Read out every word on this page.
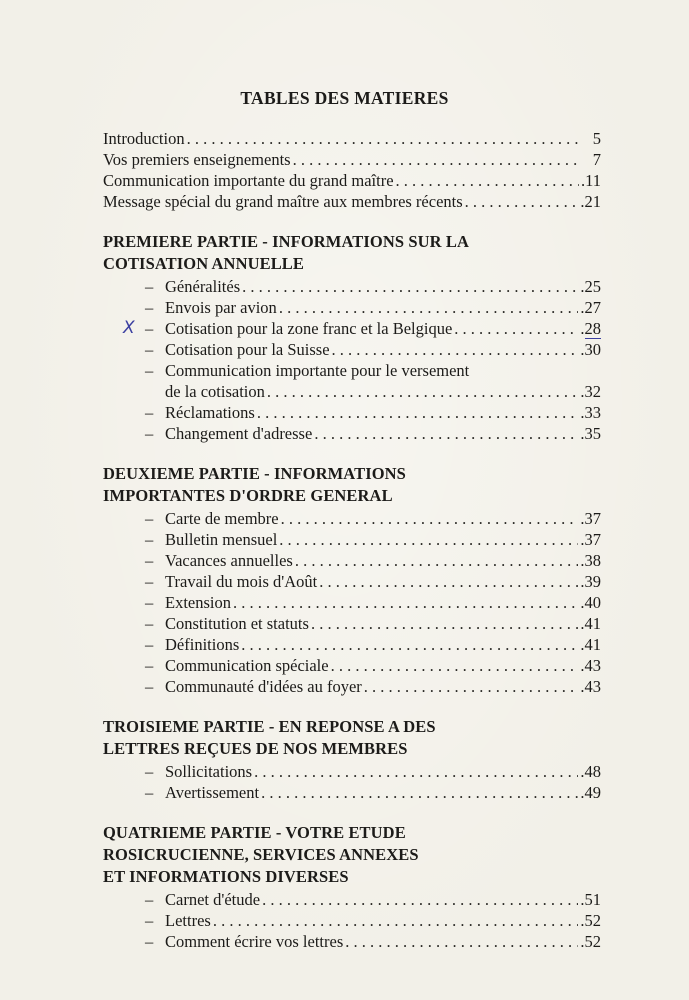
TABLES DES MATIERES
Introduction . . .	5
Vos premiers enseignements . . .	7
Communication importante du grand maître . . .	.11
Message spécial du grand maître aux membres récents . . .	.21
PREMIERE PARTIE - INFORMATIONS SUR LA
COTISATION ANNUELLE
– Généralités . . .	.25
– Envois par avion . . .	.27
X – Cotisation pour la zone franc et la Belgique . . .	.28
– Cotisation pour la Suisse . . .	.30
– Communication importante pour le versement
de la cotisation . . .	.32
– Réclamations . . .	.33
– Changement d'adresse . . .	.35
DEUXIEME PARTIE - INFORMATIONS
IMPORTANTES D'ORDRE GENERAL
– Carte de membre . . .	.37
– Bulletin mensuel . . .	.37
– Vacances annuelles . . .	.38
– Travail du mois d'Août . . .	.39
– Extension . . .	.40
– Constitution et statuts . . .	.41
– Définitions . . .	.41
– Communication spéciale . . .	.43
– Communauté d'idées au foyer . . .	.43
TROISIEME PARTIE - EN REPONSE A DES
LETTRES REÇUES DE NOS MEMBRES
– Sollicitations . . .	.48
– Avertissement . . .	.49
QUATRIEME PARTIE - VOTRE ETUDE
ROSICRUCIENNE, SERVICES ANNEXES
ET INFORMATIONS DIVERSES
– Carnet d'étude . . .	.51
– Lettres . . .	.52
– Comment écrire vos lettres . . .	.52
